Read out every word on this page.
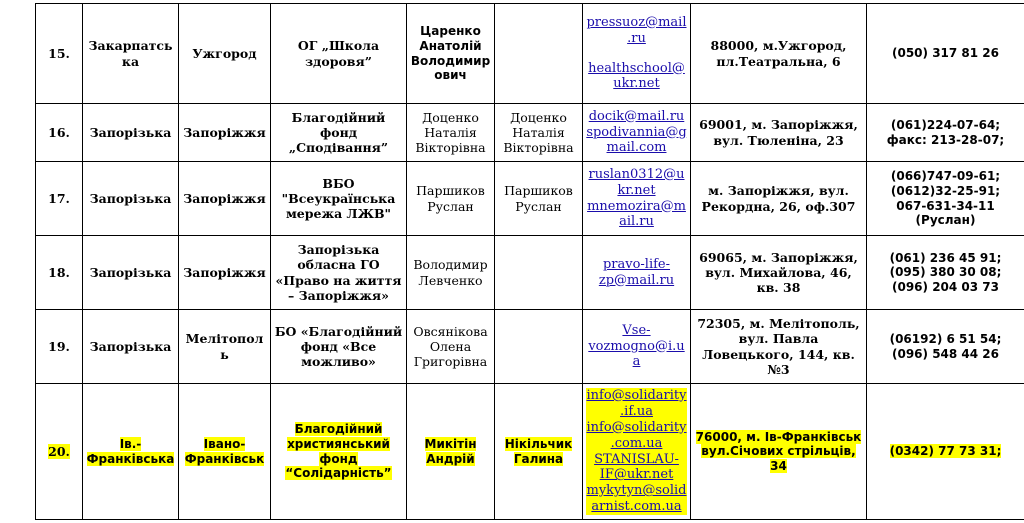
15.	Закарпатська	Ужгород	ОГ „Школа здоровя”	Царенко Анатолій Володимирович		pressuoz@mail.ru
healthschool@ukr.net	88000, м.Ужгород, пл.Театральна, 6	(050) 317 81 26

16.	Запорізька	Запоріжжя	Благодійний фонд „Сподівання”	Доценко Наталія Вікторівна	Доценко Наталія Вікторівна	docik@mail.ru
spodivannia@gmail.com	69001, м. Запоріжжя, вул. Тюленіна, 23	(061)224-07-64;
факс: 213-28-07;

17.	Запорізька	Запоріжжя	ВБО "Всеукраїнська мережа ЛЖВ"	Паршиков Руслан	Паршиков Руслан	ruslan0312@ukr.net
mnemozira@mail.ru	м. Запоріжжя, вул. Рекордна, 26, оф.307	(066)747-09-61;
(0612)32-25-91;
067-631-34-11 (Руслан)

18.	Запорізька	Запоріжжя	Запорізька обласна ГО «Право на життя – Запоріжжя»	Володимир Левченко		pravo-life-zp@mail.ru	69065, м. Запоріжжя, вул. Михайлова, 46, кв. 38	(061) 236 45 91;
(095) 380 30 08;
(096) 204 03 73

19.	Запорізька	Мелітополь	БО «Благодійний фонд «Все можливо»	Овсянікова Олена Григорівна		Vse-vozmogno@i.ua	72305, м. Мелітополь, вул. Павла Ловецького, 144, кв. №3	(06192) 6 51 54;
(096) 548 44 26

20.	Ів.-Франківська	Івано-Франківськ	Благодійний християнський фонд “Солідарність”	Микітін Андрій	Нікільчик Галина	info@solidarity.if.ua
info@solidarity.com.ua
STANISLAU-IF@ukr.net
mykytyn@solidarnist.com.ua	76000, м. Ів-Франківськ вул.Січових стрільців, 34	(0342) 77 73 31;
